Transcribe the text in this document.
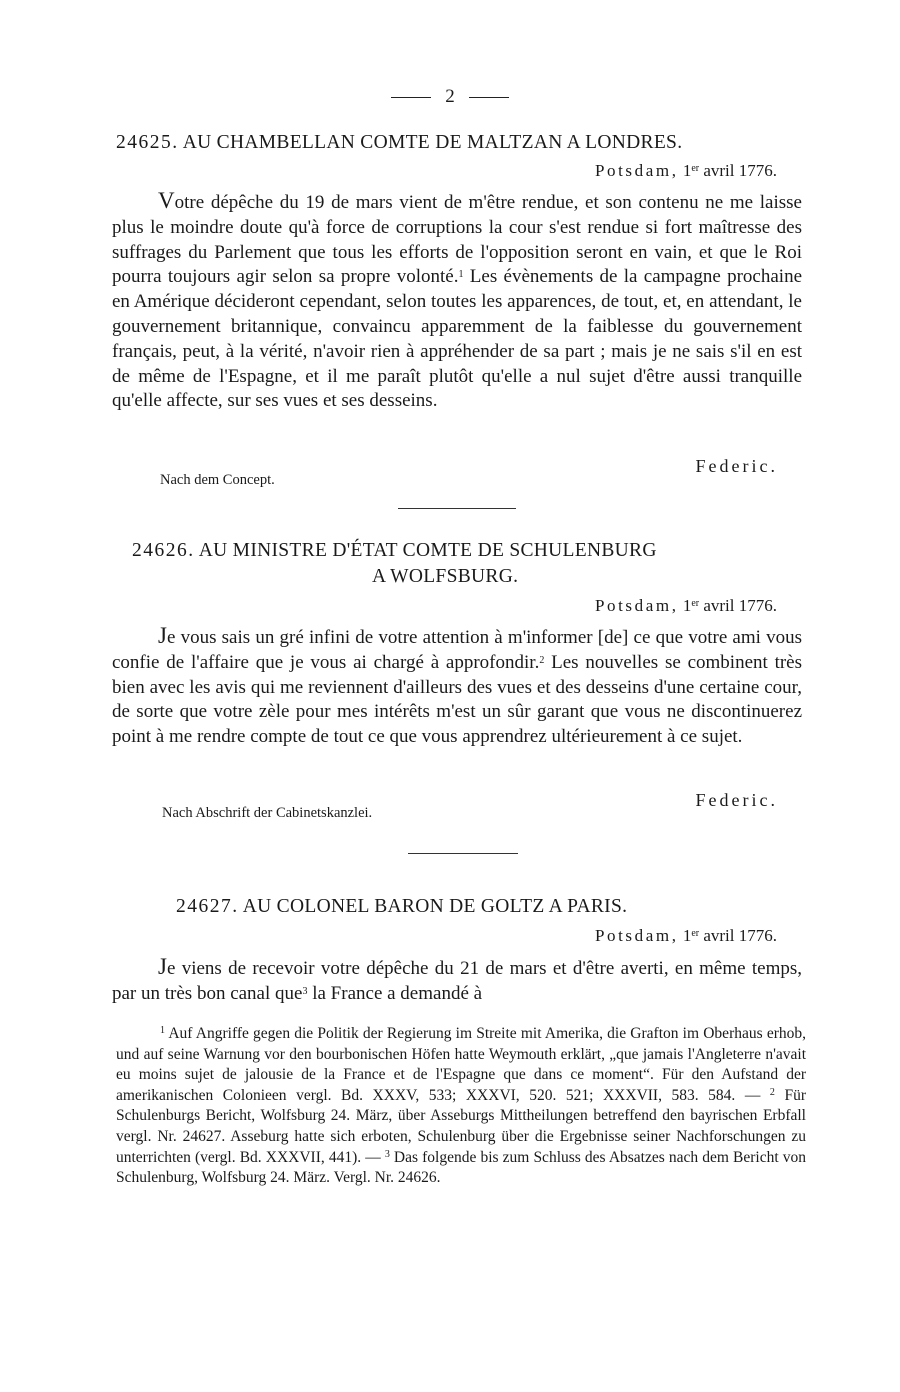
2
24625. AU CHAMBELLAN COMTE DE MALTZAN A LONDRES.
Potsdam, 1er avril 1776.

Votre dépêche du 19 de mars vient de m'être rendue, et son contenu ne me laisse plus le moindre doute qu'à force de corruptions la cour s'est rendue si fort maîtresse des suffrages du Parlement que tous les efforts de l'opposition seront en vain, et que le Roi pourra toujours agir selon sa propre volonté.$^1$ Les évènements de la campagne prochaine en Amérique décideront cependant, selon toutes les apparences, de tout, et, en attendant, le gouvernement britannique, convaincu apparemment de la faiblesse du gouvernement français, peut, à la vérité, n'avoir rien à appréhender de sa part ; mais je ne sais s'il en est de même de l'Espagne, et il me paraît plutôt qu'elle a nul sujet d'être aussi tranquille qu'elle affecte, sur ses vues et ses desseins.

Federic.
Nach dem Concept.
24626. AU MINISTRE D'ÉTAT COMTE DE SCHULENBURG
A WOLFSBURG.
Potsdam, 1er avril 1776.

Je vous sais un gré infini de votre attention à m'informer [de] ce que votre ami vous confie de l'affaire que je vous ai chargé à approfondir.$^2$ Les nouvelles se combinent très bien avec les avis qui me reviennent d'ailleurs des vues et des desseins d'une certaine cour, de sorte que votre zèle pour mes intérêts m'est un sûr garant que vous ne discontinuerez point à me rendre compte de tout ce que vous apprendrez ultérieurement à ce sujet.

Federic.
Nach Abschrift der Cabinetskanzlei.
24627. AU COLONEL BARON DE GOLTZ A PARIS.
Potsdam, 1er avril 1776.

Je viens de recevoir votre dépêche du 21 de mars et d'être averti, en même temps, par un très bon canal que$^3$ la France a demandé à

$^1$ Auf Angriffe gegen die Politik der Regierung im Streite mit Amerika, die Grafton im Oberhaus erhob, und auf seine Warnung vor den bourbonischen Höfen hatte Weymouth erklärt, „que jamais l'Angleterre n'avait eu moins sujet de jalousie de la France et de l'Espagne que dans ce moment“. Für den Aufstand der amerikanischen Colonieen vergl. Bd. XXXV, 533; XXXVI, 520. 521; XXXVII, 583. 584. — $^2$ Für Schulenburgs Bericht, Wolfsburg 24. März, über Asseburgs Mittheilungen betreffend den bayrischen Erbfall vergl. Nr. 24627. Asseburg hatte sich erboten, Schulenburg über die Ergebnisse seiner Nachforschungen zu unterrichten (vergl. Bd. XXXVII, 441). — $^3$ Das folgende bis zum Schluss des Absatzes nach dem Bericht von Schulenburg, Wolfsburg 24. März. Vergl. Nr. 24626.
